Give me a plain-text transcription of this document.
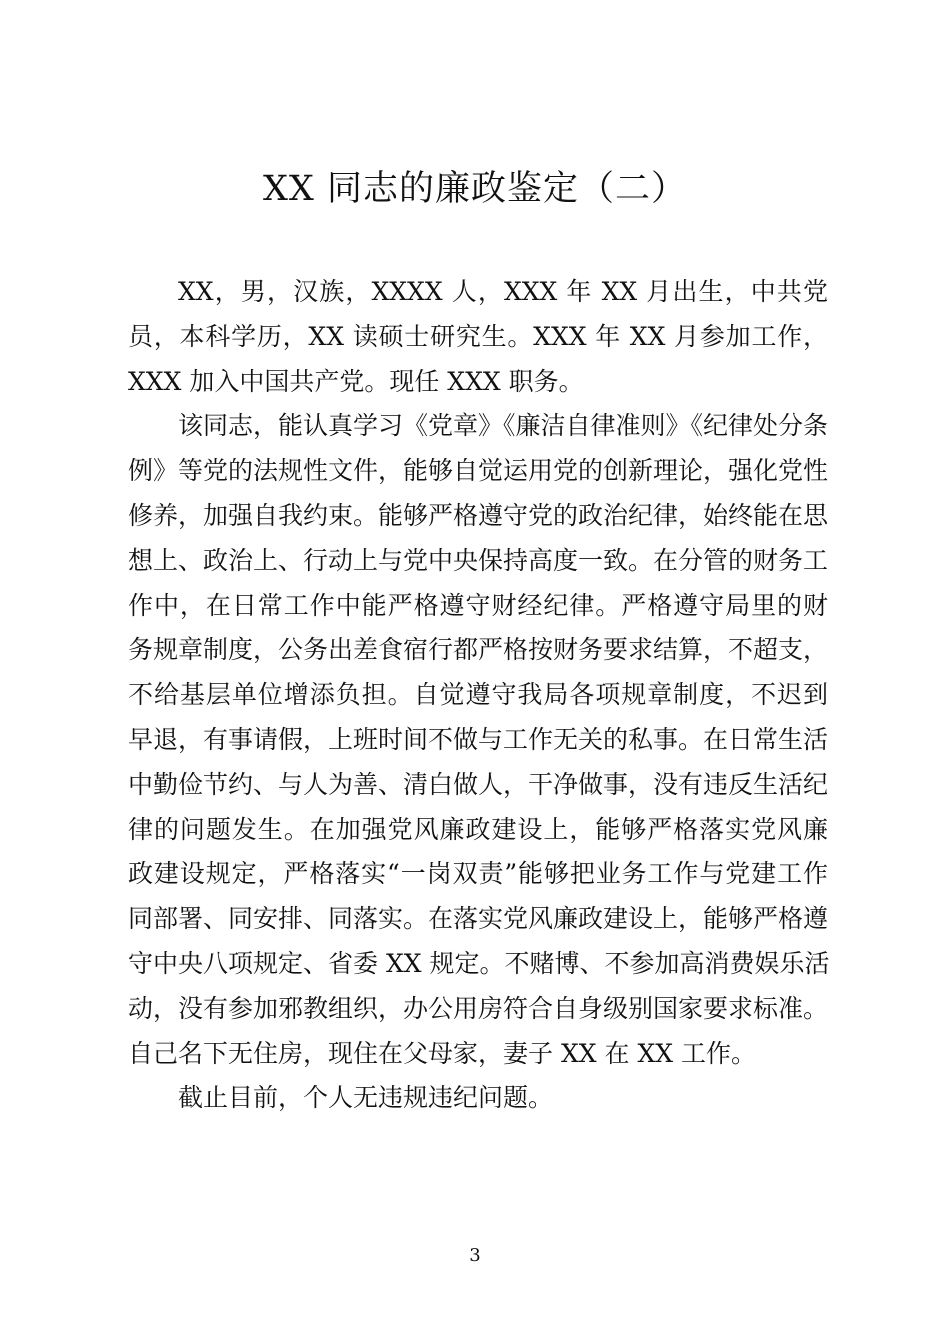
XX 同志的廉政鉴定（二）
XX，男，汉族，XXXX 人，XXX 年 XX 月出生，中共党
员，本科学历，XX 读硕士研究生。XXX 年 XX 月参加工作，
XXX 加入中国共产党。现任 XXX 职务。
该同志，能认真学习《党章》《廉洁自律准则》《纪律处分条
例》等党的法规性文件，能够自觉运用党的创新理论，强化党性
修养，加强自我约束。能够严格遵守党的政治纪律，始终能在思
想上、政治上、行动上与党中央保持高度一致。在分管的财务工
作中，在日常工作中能严格遵守财经纪律。严格遵守局里的财
务规章制度，公务出差食宿行都严格按财务要求结算，不超支，
不给基层单位增添负担。自觉遵守我局各项规章制度，不迟到
早退，有事请假，上班时间不做与工作无关的私事。在日常生活
中勤俭节约、与人为善、清白做人，干净做事，没有违反生活纪
律的问题发生。在加强党风廉政建设上，能够严格落实党风廉
政建设规定，严格落实“一岗双责”能够把业务工作与党建工作
同部署、同安排、同落实。在落实党风廉政建设上，能够严格遵
守中央八项规定、省委 XX 规定。不赌博、不参加高消费娱乐活
动，没有参加邪教组织，办公用房符合自身级别国家要求标准。
自己名下无住房，现住在父母家，妻子 XX 在 XX 工作。
截止目前，个人无违规违纪问题。
3
